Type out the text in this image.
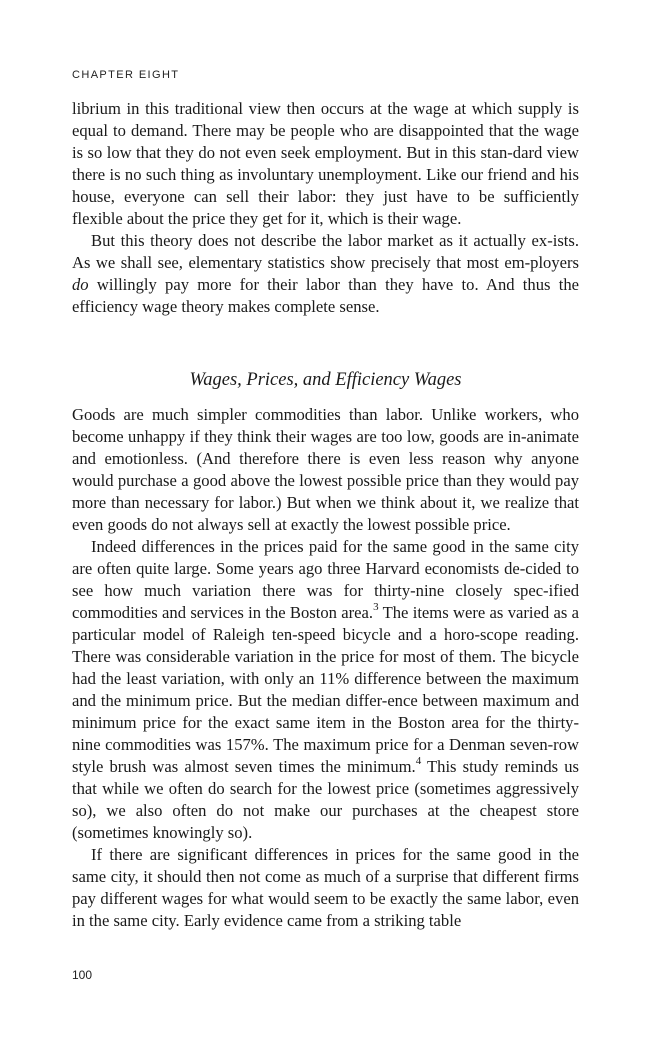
CHAPTER EIGHT

librium in this traditional view then occurs at the wage at which supply is equal to demand. There may be people who are disappointed that the wage is so low that they do not even seek employment. But in this stan-dard view there is no such thing as involuntary unemployment. Like our friend and his house, everyone can sell their labor: they just have to be sufficiently flexible about the price they get for it, which is their wage.

But this theory does not describe the labor market as it actually ex-ists. As we shall see, elementary statistics show precisely that most em-ployers do willingly pay more for their labor than they have to. And thus the efficiency wage theory makes complete sense.

Wages, Prices, and Efficiency Wages

Goods are much simpler commodities than labor. Unlike workers, who become unhappy if they think their wages are too low, goods are in-animate and emotionless. (And therefore there is even less reason why anyone would purchase a good above the lowest possible price than they would pay more than necessary for labor.) But when we think about it, we realize that even goods do not always sell at exactly the lowest possible price.

Indeed differences in the prices paid for the same good in the same city are often quite large. Some years ago three Harvard economists de-cided to see how much variation there was for thirty-nine closely spec-ified commodities and services in the Boston area.$^3$ The items were as varied as a particular model of Raleigh ten-speed bicycle and a horo-scope reading. There was considerable variation in the price for most of them. The bicycle had the least variation, with only an 11% difference between the maximum and the minimum price. But the median differ-ence between maximum and minimum price for the exact same item in the Boston area for the thirty-nine commodities was 157%. The maximum price for a Denman seven-row style brush was almost seven times the minimum.$^4$ This study reminds us that while we often do search for the lowest price (sometimes aggressively so), we also often do not make our purchases at the cheapest store (sometimes knowingly so).

If there are significant differences in prices for the same good in the same city, it should then not come as much of a surprise that different firms pay different wages for what would seem to be exactly the same labor, even in the same city. Early evidence came from a striking table

100
